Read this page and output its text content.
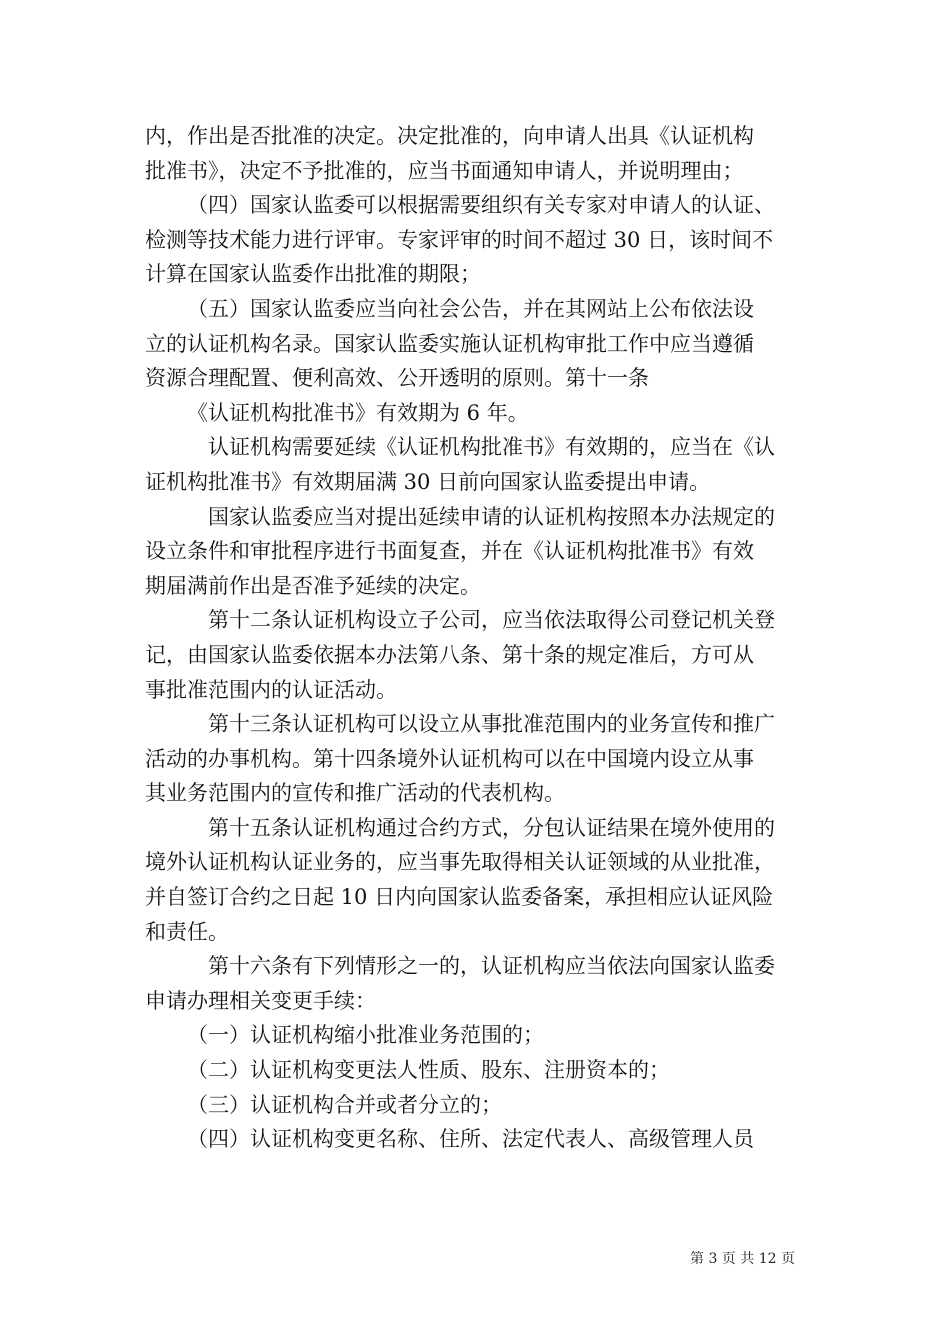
内，作出是否批准的决定。决定批准的，向申请人出具《认证机构

批准书》，决定不予批准的，应当书面通知申请人，并说明理由；

（四）国家认监委可以根据需要组织有关专家对申请人的认证、

检测等技术能力进行评审。专家评审的时间不超过 30 日，该时间不

计算在国家认监委作出批准的期限；

（五）国家认监委应当向社会公告，并在其网站上公布依法设

立的认证机构名录。国家认监委实施认证机构审批工作中应当遵循

资源合理配置、便利高效、公开透明的原则。第十一条

《认证机构批准书》有效期为 6 年。

认证机构需要延续《认证机构批准书》有效期的，应当在《认

证机构批准书》有效期届满 30 日前向国家认监委提出申请。

国家认监委应当对提出延续申请的认证机构按照本办法规定的

设立条件和审批程序进行书面复查，并在《认证机构批准书》有效

期届满前作出是否准予延续的决定。

第十二条认证机构设立子公司，应当依法取得公司登记机关登

记，由国家认监委依据本办法第八条、第十条的规定准后，方可从

事批准范围内的认证活动。

第十三条认证机构可以设立从事批准范围内的业务宣传和推广

活动的办事机构。第十四条境外认证机构可以在中国境内设立从事

其业务范围内的宣传和推广活动的代表机构。

第十五条认证机构通过合约方式，分包认证结果在境外使用的

境外认证机构认证业务的，应当事先取得相关认证领域的从业批准，

并自签订合约之日起 10 日内向国家认监委备案，承担相应认证风险

和责任。

第十六条有下列情形之一的，认证机构应当依法向国家认监委

申请办理相关变更手续：

（一）认证机构缩小批准业务范围的；

（二）认证机构变更法人性质、股东、注册资本的；

（三）认证机构合并或者分立的；

（四）认证机构变更名称、住所、法定代表人、高级管理人员

第 3 页 共 12 页
